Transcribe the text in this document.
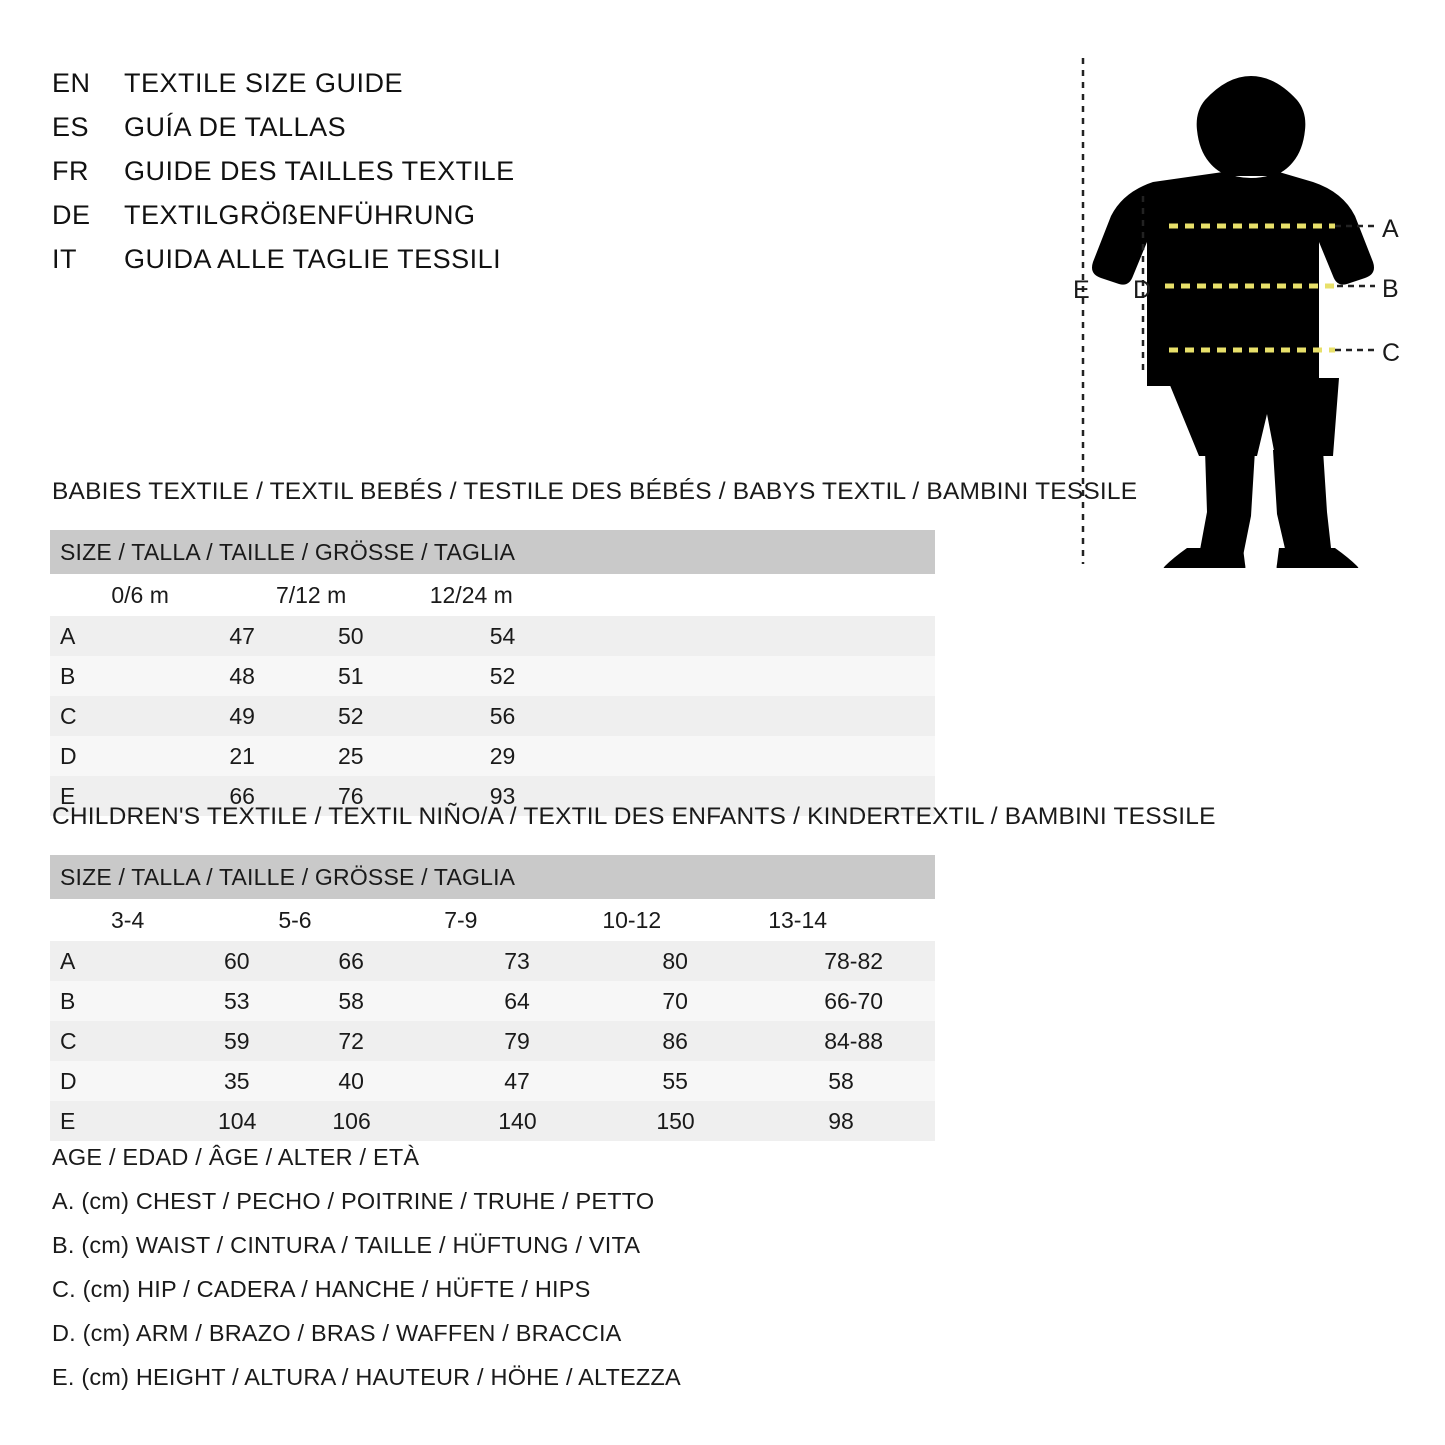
EN	TEXTILE SIZE GUIDE
ES	GUÍA DE TALLAS
FR	GUIDE DES TAILLES TEXTILE
DE	TEXTILGRÖßENFÜHRUNG
IT	GUIDA ALLE TAGLIE TESSILI
A
B
C
D
E
BABIES TEXTILE / TEXTIL BEBÉS / TESTILE DES BÉBÉS / BABYS TEXTIL / BAMBINI TESSILE
SIZE / TALLA / TAILLE / GRÖSSE / TAGLIA			
	0/6 m	7/12 m	12/24 m
A	47	50	54
B	48	51	52
C	49	52	56
D	21	25	29
E	66	76	93
CHILDREN'S TEXTILE / TEXTIL NIÑO/A / TEXTIL DES ENFANTS / KINDERTEXTIL / BAMBINI TESSILE
SIZE / TALLA / TAILLE / GRÖSSE / TAGLIA					
	3-4	5-6	7-9	10-12	13-14
A	60	66	73	80	78-82
B	53	58	64	70	66-70
C	59	72	79	86	84-88
D	35	40	47	55	58
E	104	106	140	150	98
AGE / EDAD / ÂGE / ALTER / ETÀ
A. (cm) CHEST / PECHO / POITRINE / TRUHE / PETTO
B. (cm) WAIST / CINTURA / TAILLE / HÜFTUNG / VITA
C. (cm) HIP / CADERA / HANCHE / HÜFTE / HIPS
D. (cm) ARM / BRAZO / BRAS / WAFFEN / BRACCIA
E. (cm) HEIGHT / ALTURA / HAUTEUR / HÖHE / ALTEZZA
